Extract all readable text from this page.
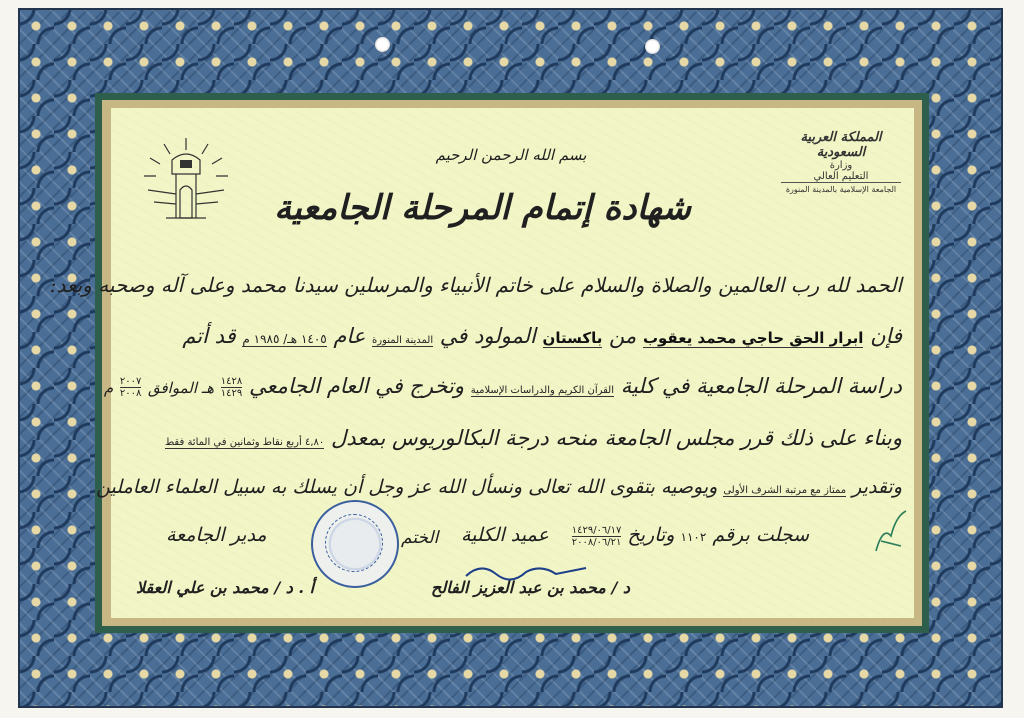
المملكة العربية السعودية
وزارة
التعليم العالي
الجامعة الإسلامية بالمدينة المنورة
بسم الله الرحمن الرحيم
شهادة إتمام المرحلة الجامعية
الحمد لله رب العالمين والصلاة والسلام على خاتم الأنبياء والمرسلين سيدنا محمد وعلى آله وصحبه وبعد:
فإن ابرار الحق حاجي محمد يعقوب من باكستان المولود في المدينة المنورة عام ١٤٠٥ هـ/ ١٩٨٥ م قد أتم
دراسة المرحلة الجامعية في كلية القرآن الكريم والدراسات الإسلامية وتخرج في العام الجامعي
١٤٢٨
١٤٢٩
هـ الموافق
٢٠٠٧
٢٠٠٨
م
وبناء على ذلك قرر مجلس الجامعة منحه درجة البكالوريوس بمعدل ٤,٨٠ أربع نقاط وثمانين في المائة فقط
وتقدير ممتاز مع مرتبة الشرف الأولى ويوصيه بتقوى الله تعالى ونسأل الله عز وجل أن يسلك به سبيل العلماء العاملين
سجلت برقم ١١٠٢ وتاريخ
١٤٢٩/٠٦/١٧
٢٠٠٨/٠٦/٢١
عميد الكلية
الختم
مدير الجامعة
د / محمد بن عبد العزيز الفالح
أ . د / محمد بن علي العقلا
